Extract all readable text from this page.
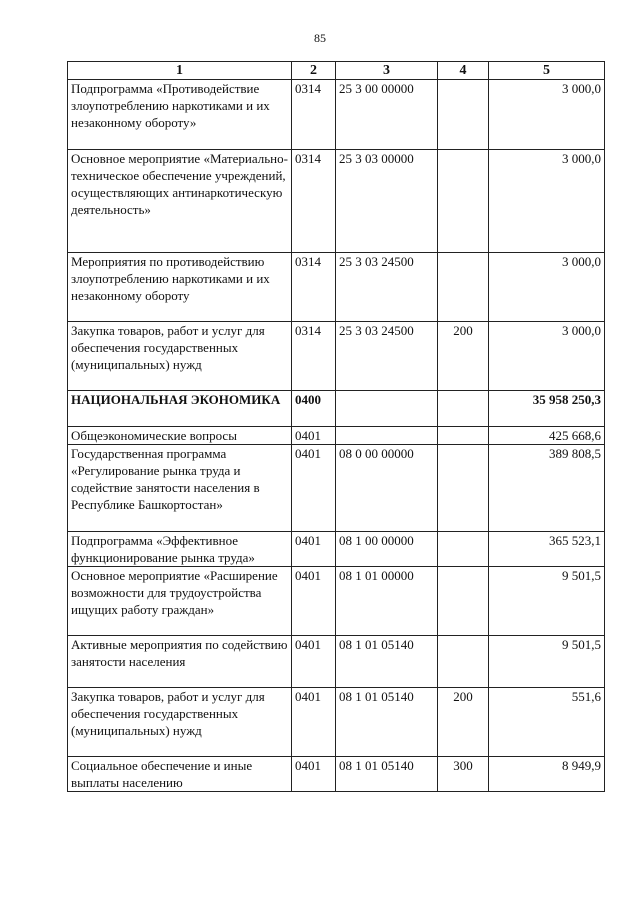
85
1	2	3	4	5
Подпрограмма «Противодействие злоупотреблению наркотиками и их незаконному обороту»	0314	25 3 00 00000		3 000,0
Основное мероприятие «Материально-техническое обеспечение учреждений, осуществляющих антинаркотическую деятельность»	0314	25 3 03 00000		3 000,0
Мероприятия по противодействию злоупотреблению наркотиками и их незаконному обороту	0314	25 3 03 24500		3 000,0
Закупка товаров, работ и услуг для обеспечения государственных (муниципальных) нужд	0314	25 3 03 24500	200	3 000,0
НАЦИОНАЛЬНАЯ ЭКОНОМИКА	0400			35 958 250,3
Общеэкономические вопросы	0401			425 668,6
Государственная программа «Регулирование рынка труда и содействие занятости населения в Республике Башкортостан»	0401	08 0 00 00000		389 808,5
Подпрограмма «Эффективное функционирование рынка труда»	0401	08 1 00 00000		365 523,1
Основное мероприятие «Расширение возможности для трудоустройства ищущих работу граждан»	0401	08 1 01 00000		9 501,5
Активные мероприятия по содействию занятости населения	0401	08 1 01 05140		9 501,5
Закупка товаров, работ и услуг для обеспечения государственных (муниципальных) нужд	0401	08 1 01 05140	200	551,6
Социальное обеспечение и иные выплаты населению	0401	08 1 01 05140	300	8 949,9
